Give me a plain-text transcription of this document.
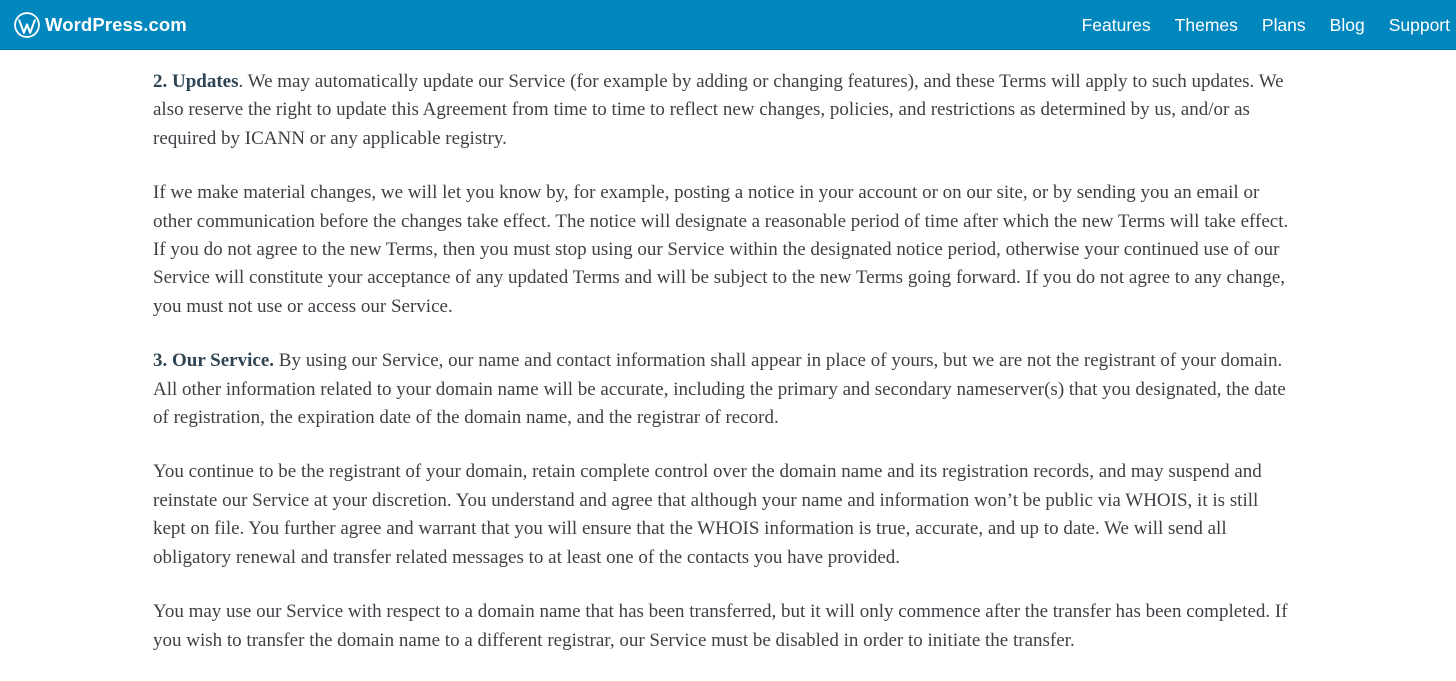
WordPress.com	Features Themes Plans Blog Support

2. Updates. We may automatically update our Service (for example by adding or changing features), and these Terms will apply to such updates. We also reserve the right to update this Agreement from time to time to reflect new changes, policies, and restrictions as determined by us, and/or as required by ICANN or any applicable registry.

If we make material changes, we will let you know by, for example, posting a notice in your account or on our site, or by sending you an email or other communication before the changes take effect. The notice will designate a reasonable period of time after which the new Terms will take effect. If you do not agree to the new Terms, then you must stop using our Service within the designated notice period, otherwise your continued use of our Service will constitute your acceptance of any updated Terms and will be subject to the new Terms going forward. If you do not agree to any change, you must not use or access our Service.

3. Our Service. By using our Service, our name and contact information shall appear in place of yours, but we are not the registrant of your domain. All other information related to your domain name will be accurate, including the primary and secondary nameserver(s) that you designated, the date of registration, the expiration date of the domain name, and the registrar of record.

You continue to be the registrant of your domain, retain complete control over the domain name and its registration records, and may suspend and reinstate our Service at your discretion. You understand and agree that although your name and information won’t be public via WHOIS, it is still kept on file. You further agree and warrant that you will ensure that the WHOIS information is true, accurate, and up to date. We will send all obligatory renewal and transfer related messages to at least one of the contacts you have provided.

You may use our Service with respect to a domain name that has been transferred, but it will only commence after the transfer has been completed. If you wish to transfer the domain name to a different registrar, our Service must be disabled in order to initiate the transfer.
